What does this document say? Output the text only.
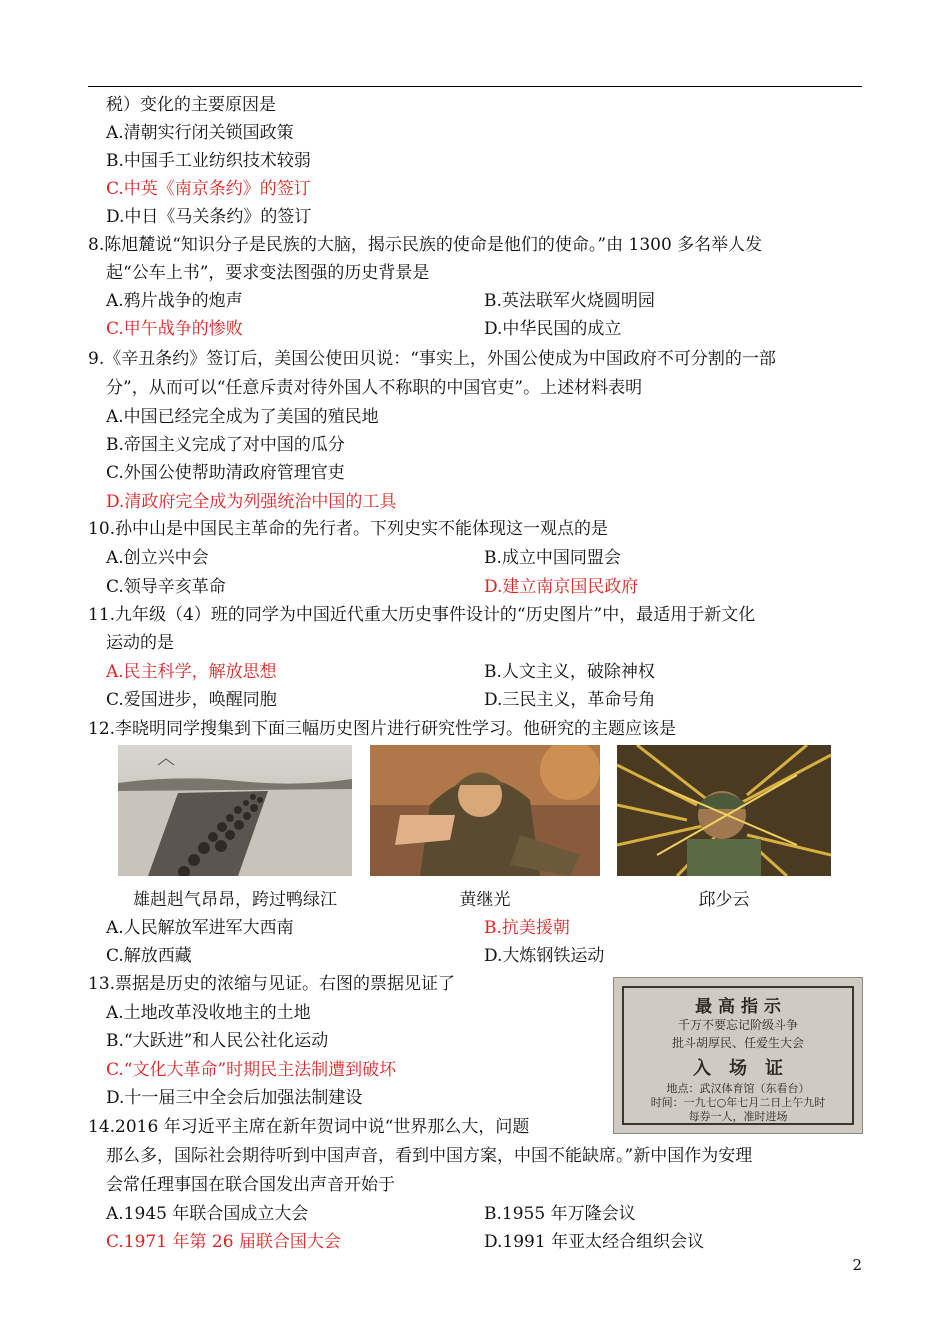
税）变化的主要原因是
A.清朝实行闭关锁国政策
B.中国手工业纺织技术较弱
C.中英《南京条约》的签订
D.中日《马关条约》的签订
8.陈旭麓说“知识分子是民族的大脑，揭示民族的使命是他们的使命。”由 1300 多名举人发
起“公车上书”，要求变法图强的历史背景是
A.鸦片战争的炮声	B.英法联军火烧圆明园
C.甲午战争的惨败	D.中华民国的成立
9.《辛丑条约》签订后，美国公使田贝说：“事实上，外国公使成为中国政府不可分割的一部
分”，从而可以“任意斥责对待外国人不称职的中国官吏”。上述材料表明
A.中国已经完全成为了美国的殖民地
B.帝国主义完成了对中国的瓜分
C.外国公使帮助清政府管理官吏
D.清政府完全成为列强统治中国的工具
10.孙中山是中国民主革命的先行者。下列史实不能体现这一观点的是
A.创立兴中会	B.成立中国同盟会
C.领导辛亥革命	D.建立南京国民政府
11.九年级（4）班的同学为中国近代重大历史事件设计的“历史图片”中，最适用于新文化
运动的是
A.民主科学，解放思想	B.人文主义，破除神权
C.爱国进步，唤醒同胞	D.三民主义，革命号角
12.李晓明同学搜集到下面三幅历史图片进行研究性学习。他研究的主题应该是
雄赳赳气昂昂，跨过鸭绿江	黄继光	邱少云
A.人民解放军进军大西南	B.抗美援朝
C.解放西藏	D.大炼钢铁运动
13.票据是历史的浓缩与见证。右图的票据见证了
A.土地改革没收地主的土地
B.“大跃进”和人民公社化运动
C.“文化大革命”时期民主法制遭到破坏
D.十一届三中全会后加强法制建设
最 高 指 示
千万不要忘记阶级斗争
批斗胡厚民、任爱生大会
入　场　证
地点：武汉体育馆（东看台）
时间：一九七○年七月二日上午九时
每券一人，准时进场
14.2016 年习近平主席在新年贺词中说“世界那么大，问题
那么多，国际社会期待听到中国声音，看到中国方案，中国不能缺席。”新中国作为安理
会常任理事国在联合国发出声音开始于
A.1945 年联合国成立大会	B.1955 年万隆会议
C.1971 年第 26 届联合国大会	D.1991 年亚太经合组织会议
2
